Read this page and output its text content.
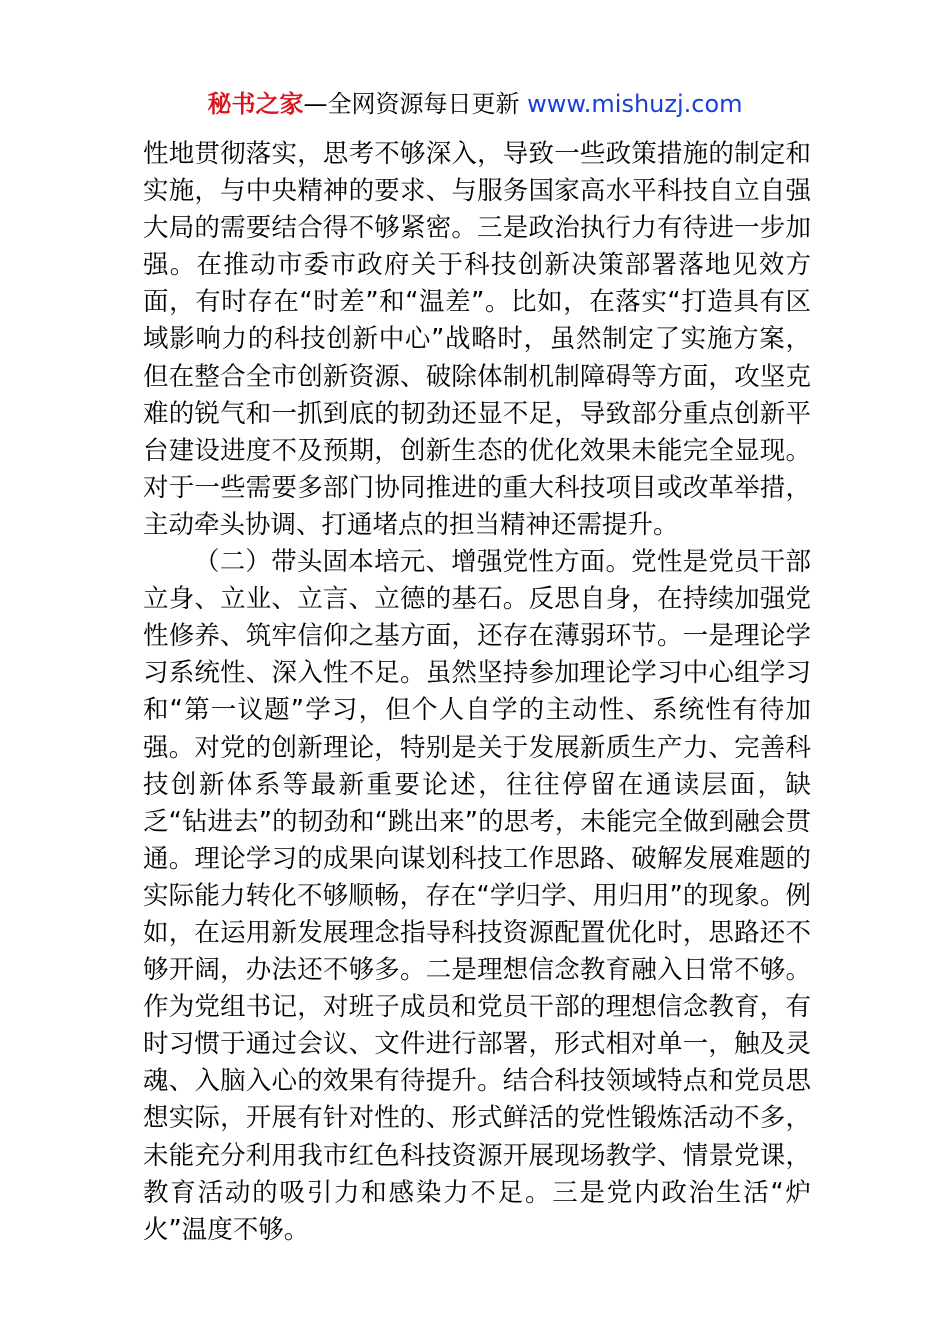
秘书之家—全网资源每日更新 www.mishuzj.com

性地贯彻落实，思考不够深入，导致一些政策措施的制定和实施，与中央精神的要求、与服务国家高水平科技自立自强大局的需要结合得不够紧密。三是政治执行力有待进一步加强。在推动市委市政府关于科技创新决策部署落地见效方面，有时存在“时差”和“温差”。比如，在落实“打造具有区域影响力的科技创新中心”战略时，虽然制定了实施方案，但在整合全市创新资源、破除体制机制障碍等方面，攻坚克难的锐气和一抓到底的韧劲还显不足，导致部分重点创新平台建设进度不及预期，创新生态的优化效果未能完全显现。对于一些需要多部门协同推进的重大科技项目或改革举措，主动牵头协调、打通堵点的担当精神还需提升。

（二）带头固本培元、增强党性方面。党性是党员干部立身、立业、立言、立德的基石。反思自身，在持续加强党性修养、筑牢信仰之基方面，还存在薄弱环节。一是理论学习系统性、深入性不足。虽然坚持参加理论学习中心组学习和“第一议题”学习，但个人自学的主动性、系统性有待加强。对党的创新理论，特别是关于发展新质生产力、完善科技创新体系等最新重要论述，往往停留在通读层面，缺乏“钻进去”的韧劲和“跳出来”的思考，未能完全做到融会贯通。理论学习的成果向谋划科技工作思路、破解发展难题的实际能力转化不够顺畅，存在“学归学、用归用”的现象。例如，在运用新发展理念指导科技资源配置优化时，思路还不够开阔，办法还不够多。二是理想信念教育融入日常不够。作为党组书记，对班子成员和党员干部的理想信念教育，有时习惯于通过会议、文件进行部署，形式相对单一，触及灵魂、入脑入心的效果有待提升。结合科技领域特点和党员思想实际，开展有针对性的、形式鲜活的党性锻炼活动不多，未能充分利用我市红色科技资源开展现场教学、情景党课，教育活动的吸引力和感染力不足。三是党内政治生活“炉火”温度不够。
